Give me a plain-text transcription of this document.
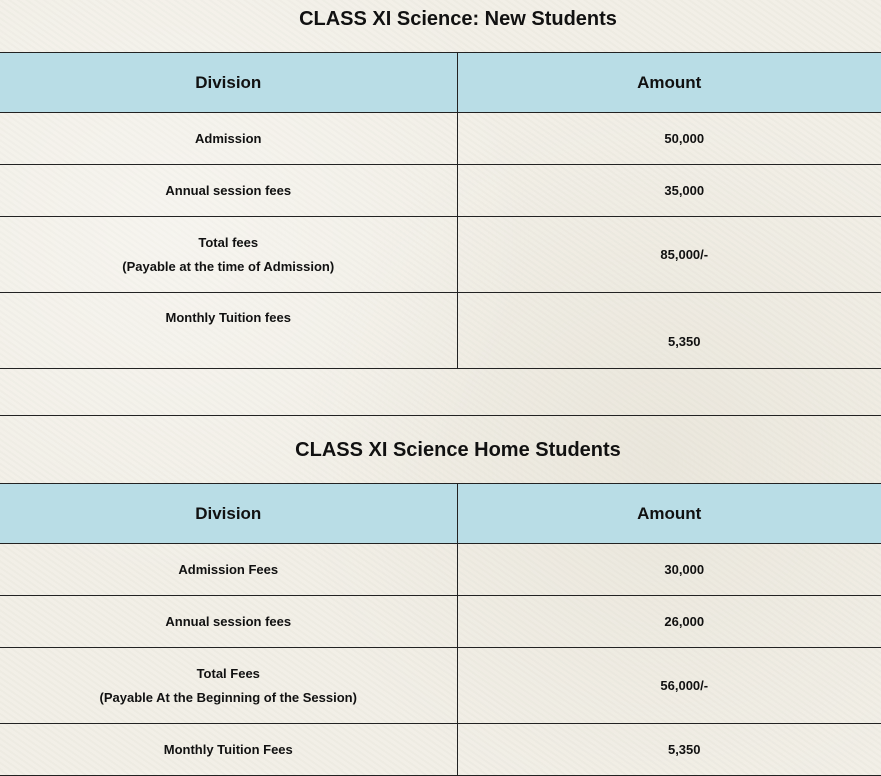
CLASS XI Science: New Students
Division	Amount
Admission	50,000
Annual session fees	35,000
Total fees
(Payable at the time of Admission)	85,000/-
Monthly Tuition fees	5,350
CLASS XI Science Home Students
Division	Amount
Admission Fees	30,000
Annual session fees	26,000
Total Fees
(Payable At the Beginning of the Session)	56,000/-
Monthly Tuition Fees	5,350
